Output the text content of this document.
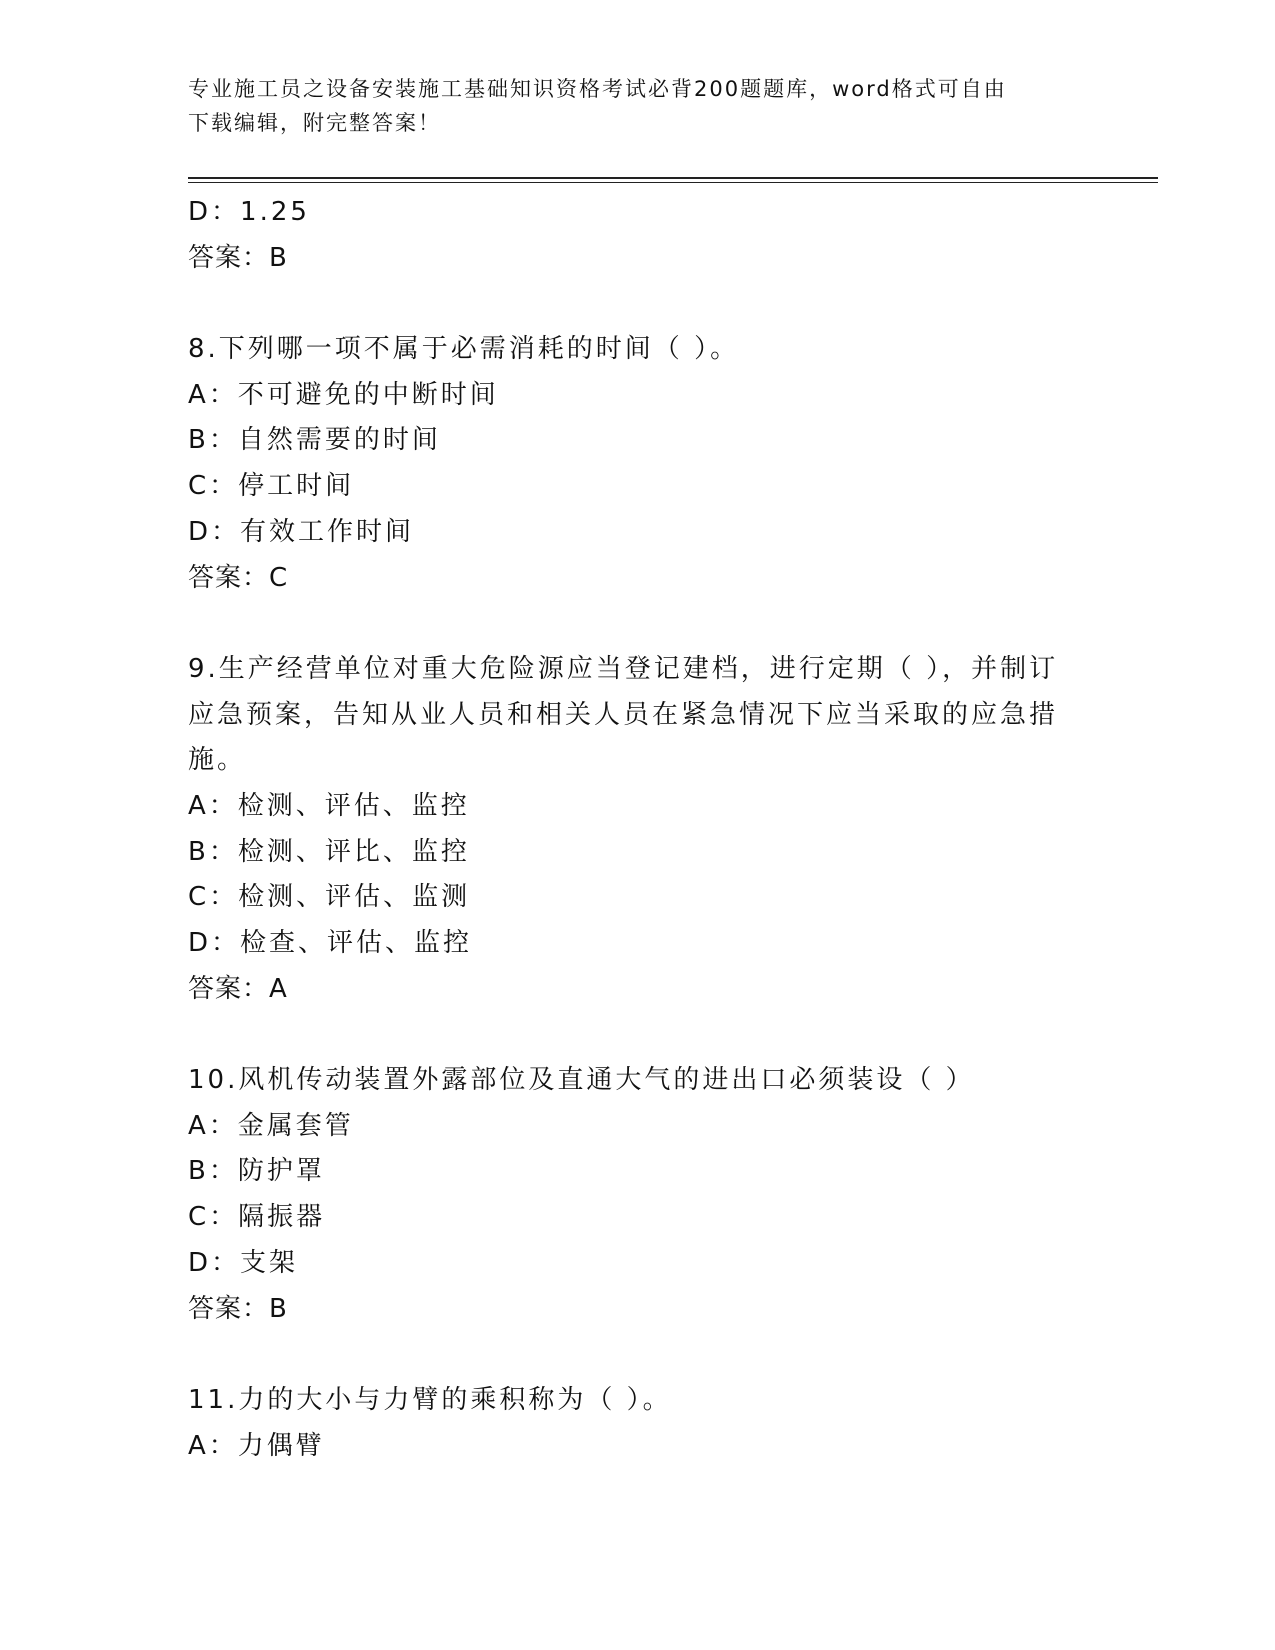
专业施工员之设备安装施工基础知识资格考试必背200题题库，word格式可自由
下载编辑，附完整答案！
D：1.25
答案：B
8.下列哪一项不属于必需消耗的时间（ ）。
A：不可避免的中断时间
B：自然需要的时间
C：停工时间
D：有效工作时间
答案：C
9.生产经营单位对重大危险源应当登记建档，进行定期（ ），并制订
应急预案，告知从业人员和相关人员在紧急情况下应当采取的应急措
施。
A：检测、评估、监控
B：检测、评比、监控
C：检测、评估、监测
D：检查、评估、监控
答案：A
10.风机传动装置外露部位及直通大气的进出口必须装设（ ）
A：金属套管
B：防护罩
C：隔振器
D：支架
答案：B
11.力的大小与力臂的乘积称为（ ）。
A：力偶臂
